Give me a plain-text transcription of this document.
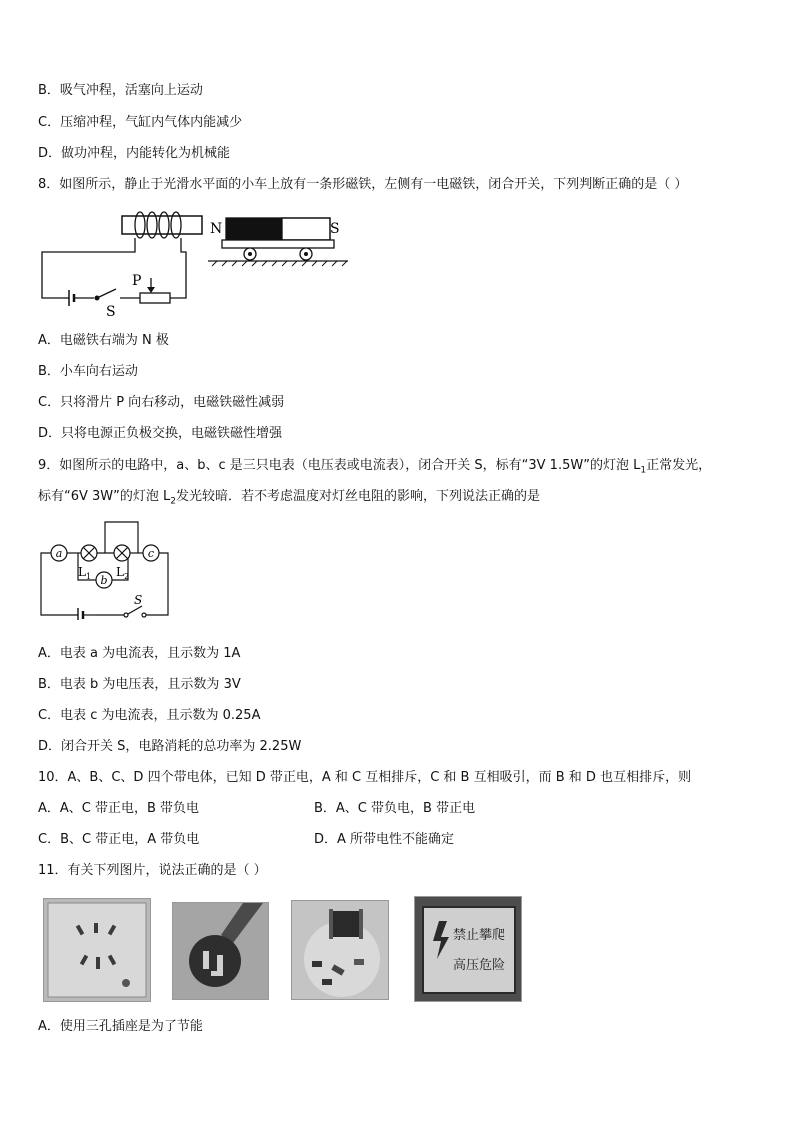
B．吸气冲程，活塞向上运动
C．压缩冲程，气缸内气体内能减少
D．做功冲程，内能转化为机械能
8．如图所示，静止于光滑水平面的小车上放有一条形磁铁，左侧有一电磁铁，闭合开关，下列判断正确的是（ ）
P
S
N	S
A．电磁铁右端为 N 极
B．小车向右运动
C．只将滑片 P 向右移动，电磁铁磁性减弱
D．只将电源正负极交换，电磁铁磁性增强
9．如图所示的电路中，a、b、c 是三只电表（电压表或电流表），闭合开关 S，标有“3V 1.5W”的灯泡 $L_1$正常发光，
标有“6V 3W”的灯泡 $L_2$发光较暗．若不考虑温度对灯丝电阻的影响，下列说法正确的是
a	c
b
$L_1$ $L_2$
S
A．电表 a 为电流表，且示数为 1A
B．电表 b 为电压表，且示数为 3V
C．电表 c 为电流表，且示数为 0.25A
D．闭合开关 S，电路消耗的总功率为 2.25W
10．A、B、C、D 四个带电体，已知 D 带正电，A 和 C 互相排斥，C 和 B 互相吸引，而 B 和 D 也互相排斥，则
A．A、C 带正电，B 带负电	B．A、C 带负电，B 带正电
C．B、C 带正电，A 带负电	D．A 所带电性不能确定
11．有关下列图片，说法正确的是（ ）
禁止攀爬
高压危险
A．使用三孔插座是为了节能
